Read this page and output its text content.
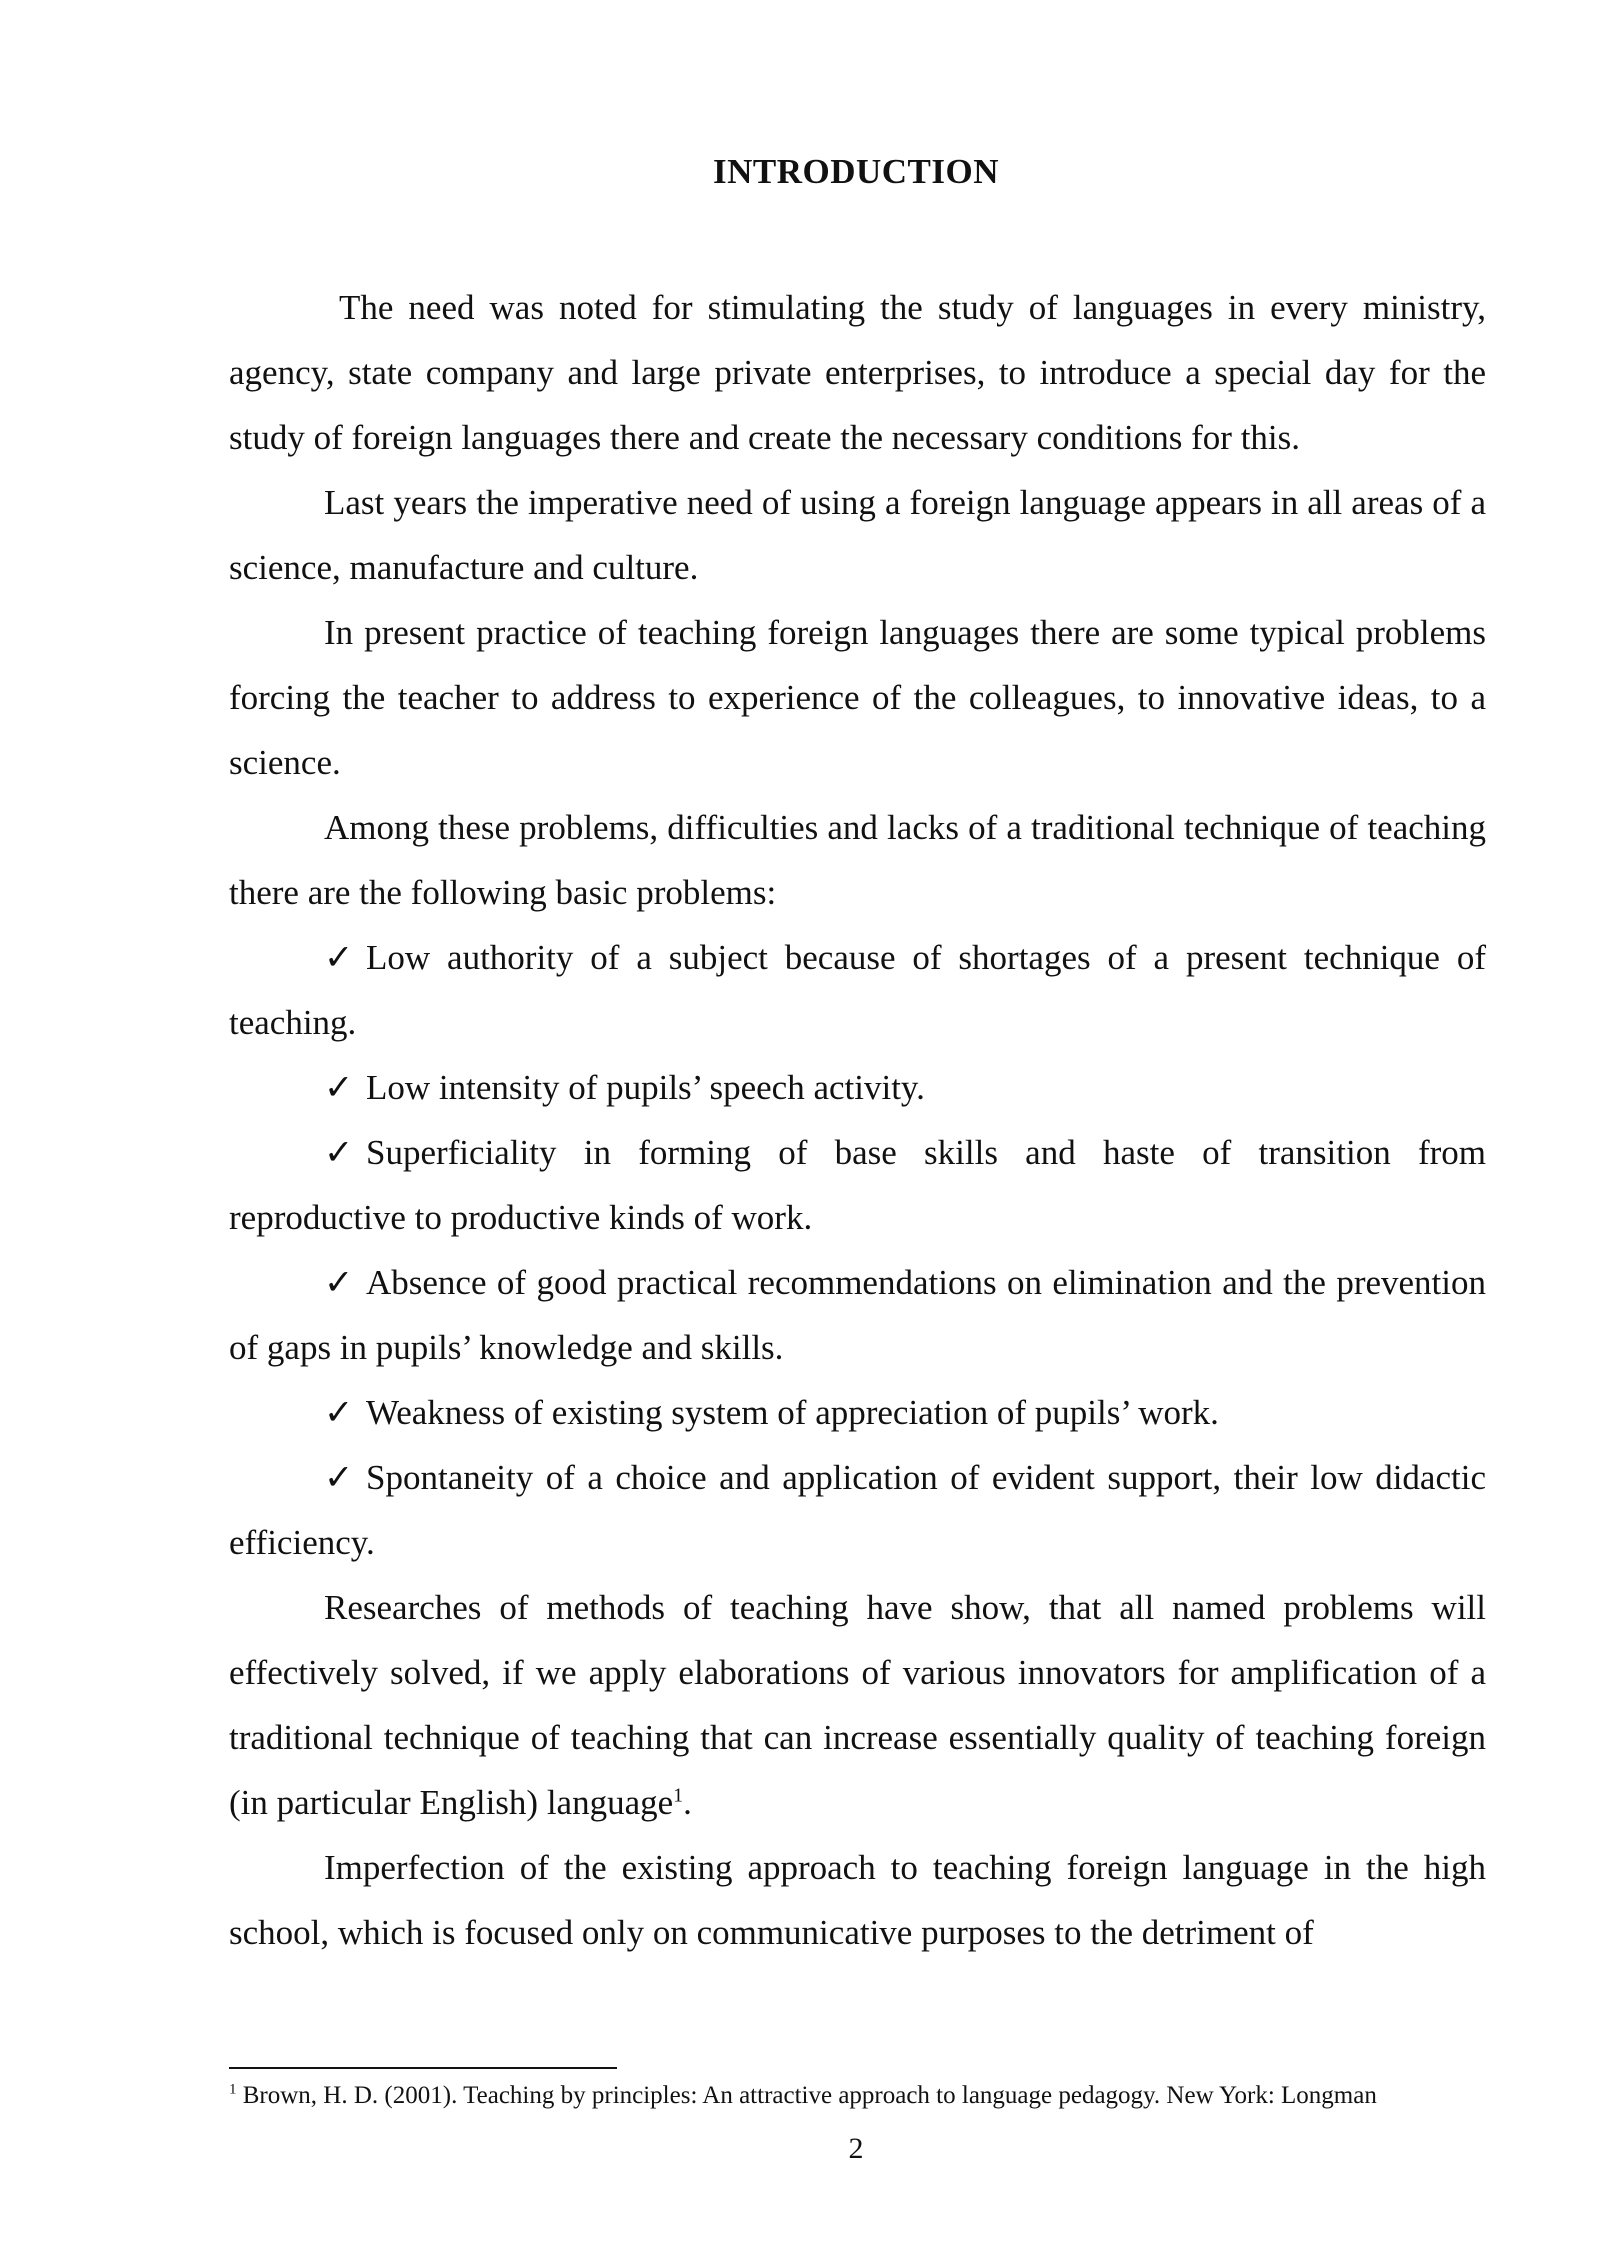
INTRODUCTION

The need was noted for stimulating the study of languages in every ministry, agency, state company and large private enterprises, to introduce a special day for the study of foreign languages there and create the necessary conditions for this.

Last years the imperative need of using a foreign language appears in all areas of a science, manufacture and culture.

In present practice of teaching foreign languages there are some typical problems forcing the teacher to address to experience of the colleagues, to innovative ideas, to a science.

Among these problems, difficulties and lacks of a traditional technique of teaching there are the following basic problems:

✓ Low authority of a subject because of shortages of a present technique of teaching.

✓ Low intensity of pupils’ speech activity.

✓ Superficiality in forming of base skills and haste of transition from reproductive to productive kinds of work.

✓ Absence of good practical recommendations on elimination and the prevention of gaps in pupils’ knowledge and skills.

✓ Weakness of existing system of appreciation of pupils’ work.

✓ Spontaneity of a choice and application of evident support, their low didactic efficiency.

Researches of methods of teaching have show, that all named problems will effectively solved, if we apply elaborations of various innovators for amplification of a traditional technique of teaching that can increase essentially quality of teaching foreign (in particular English) language$^1$.

Imperfection of the existing approach to teaching foreign language in the high school, which is focused only on communicative purposes to the detriment of

$^1$ Brown, H. D. (2001). Teaching by principles: An attractive approach to language pedagogy. New York: Longman
2
